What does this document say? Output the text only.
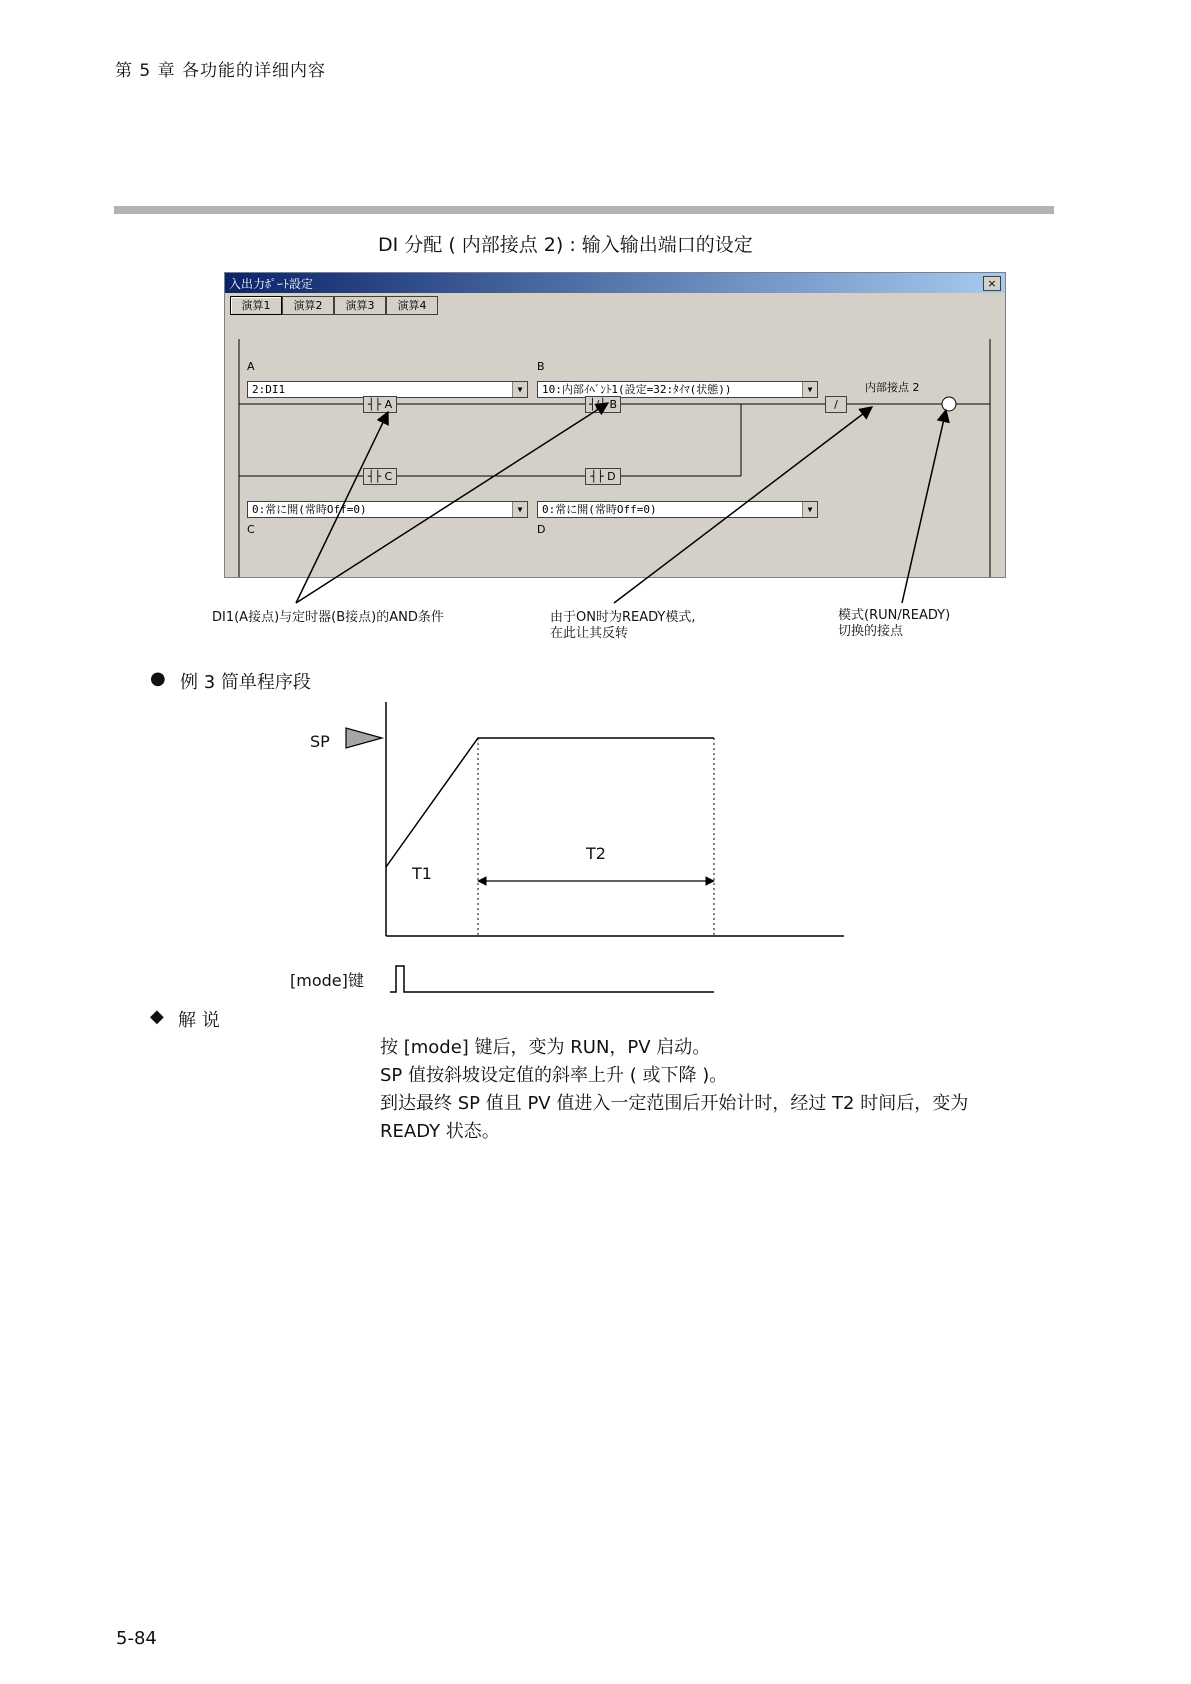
第 5 章 各功能的详细内容
DI 分配 ( 内部接点 2) : 输入输出端口的设定
入出力ﾎﾟｰﾄ設定	×
演算1	演算2	演算3	演算4
A	B
2:DI1	▼	10:内部ｲﾍﾞﾝﾄ1(設定=32:ﾀｲﾏ(状態))	▼	内部接点 2
┤├ A	┤/├ B	/
┤├ C	┤├ D
0:常に開(常時Off=0)	▼	0:常に開(常時Off=0)	▼
C	D
DI1(A接点)与定时器(B接点)的AND条件	由于ON时为READY模式,
在此让其反转
模式(RUN/READY)
切换的接点
● 例 3 简单程序段
SP
T1
T2
[mode]键
◆ 解 说
按 [mode] 键后，变为 RUN，PV 启动。
SP 值按斜坡设定值的斜率上升 ( 或下降 )。
到达最终 SP 值且 PV 值进入一定范围后开始计时，经过 T2 时间后，变为
READY 状态。
5-84
